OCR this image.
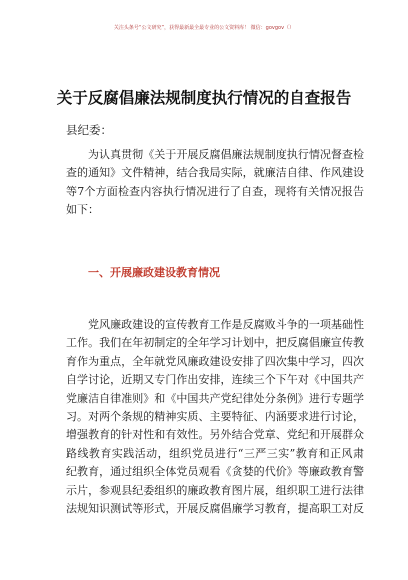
关注头条号“公文研究”，获得最新最全最专业的公文资料库！ 微信：govgov（）
关于反腐倡廉法规制度执行情况的自查报告
县纪委：
为认真贯彻《关于开展反腐倡廉法规制度执行情况督查检
查的通知》文件精神，结合我局实际，就廉洁自律、作风建设
等7个方面检查内容执行情况进行了自查，现将有关情况报告
如下：
一、开展廉政建设教育情况
党风廉政建设的宣传教育工作是反腐败斗争的一项基础性
工作。我们在年初制定的全年学习计划中，把反腐倡廉宣传教
育作为重点，全年就党风廉政建设安排了四次集中学习，四次
自学讨论，近期又专门作出安排，连续三个下午对《中国共产
党廉洁自律准则》和《中国共产党纪律处分条例》进行专题学
习。对两个条规的精神实质、主要特征、内涵要求进行讨论，
增强教育的针对性和有效性。另外结合党章、党纪和开展群众
路线教育实践活动，组织党员进行“三严三实”教育和正风肃
纪教育，通过组织全体党员观看《贪婪的代价》等廉政教育警
示片，参观县纪委组织的廉政教育图片展，组织职工进行法律
法规知识测试等形式，开展反腐倡廉学习教育，提高职工对反
